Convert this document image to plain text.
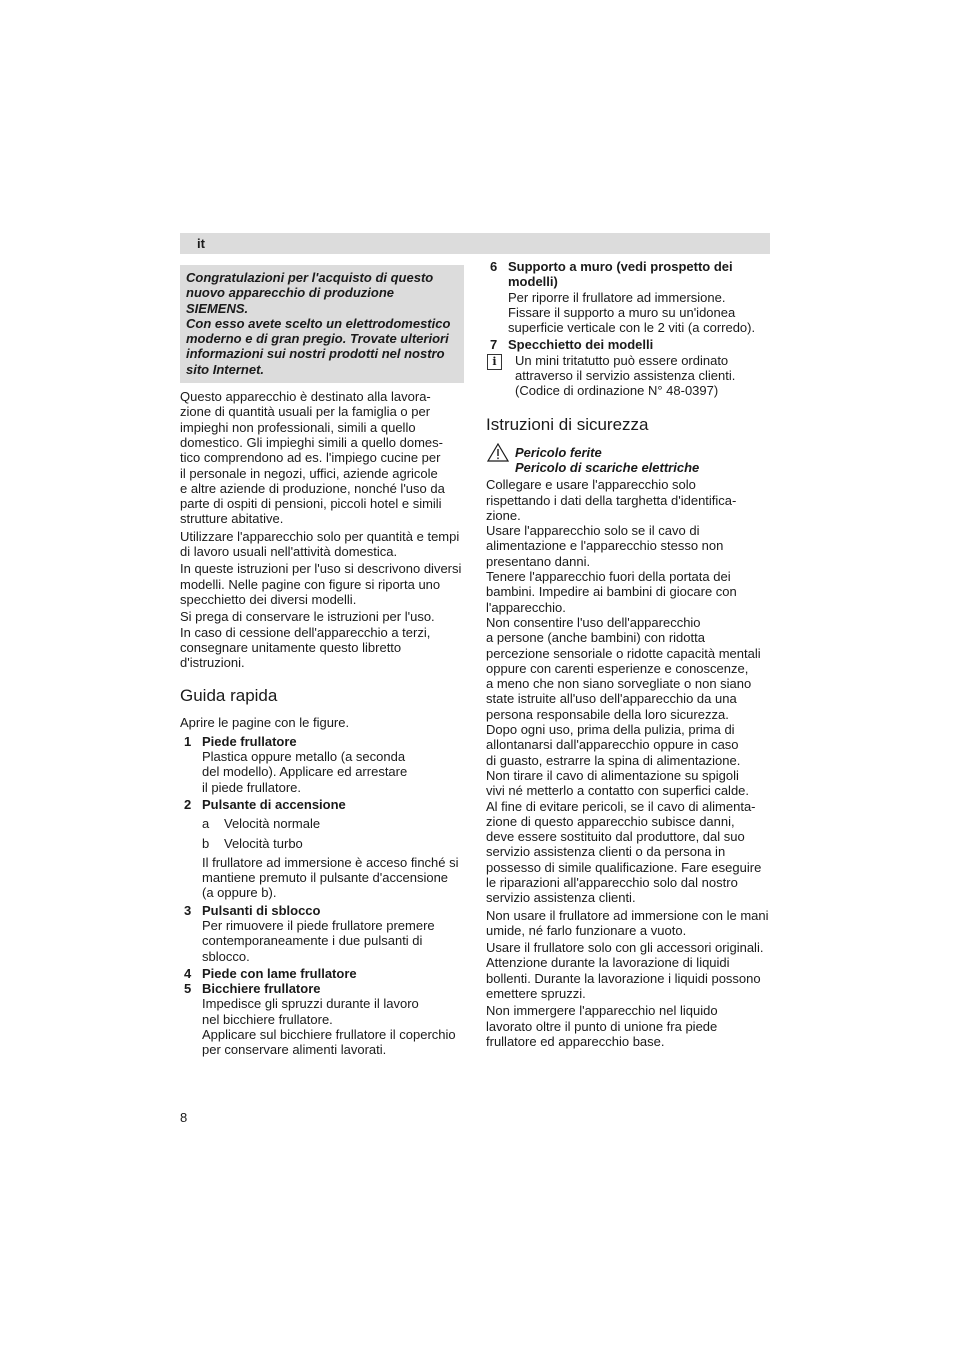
it

Congratulazioni per l'acquisto di questo

nuovo apparecchio di produzione SIEMENS.

Con esso avete scelto un elettrodomestico

moderno e di gran pregio. Trovate ulteriori

informazioni sui nostri prodotti nel nostro

sito Internet.

Questo apparecchio è destinato alla lavora-

zione di quantità usuali per la famiglia o per

impieghi non professionali, simili a quello

domestico. Gli impieghi simili a quello domes-

tico comprendono ad es. l'impiego cucine per

il personale in negozi, uffici, aziende agricole

e altre aziende di produzione, nonché l'uso da

parte di ospiti di pensioni, piccoli hotel e simili

strutture abitative.

Utilizzare l'apparecchio solo per quantità e tempi

di lavoro usuali nell'attività domestica.

In queste istruzioni per l'uso si descrivono diversi

modelli. Nelle pagine con figure si riporta uno

specchietto dei diversi modelli.

Si prega di conservare le istruzioni per l'uso.

In caso di cessione dell'apparecchio a terzi,

consegnare unitamente questo libretto

d'istruzioni.

Guida rapida

Aprire le pagine con le figure.

1 Piede frullatore

Plastica oppure metallo (a seconda

del modello). Applicare ed arrestare

il piede frullatore.

2 Pulsante di accensione

a	Velocità normale
b	Velocità turbo

Il frullatore ad immersione è acceso finché si

mantiene premuto il pulsante d'accensione

(a oppure b).

3 Pulsanti di sblocco

Per rimuovere il piede frullatore premere

contemporaneamente i due pulsanti di

sblocco.

4 Piede con lame frullatore

5 Bicchiere frullatore

Impedisce gli spruzzi durante il lavoro

nel bicchiere frullatore.

Applicare sul bicchiere frullatore il coperchio

per conservare alimenti lavorati.

6 Supporto a muro (vedi prospetto dei

modelli)

Per riporre il frullatore ad immersione.

Fissare il supporto a muro su un'idonea

superficie verticale con le 2 viti (a corredo).

7 Specchietto dei modelli

i	Un mini tritatutto può essere ordinato

attraverso il servizio assistenza clienti.

(Codice di ordinazione N° 48-0397)

Istruzioni di sicurezza

Pericolo ferite

Pericolo di scariche elettriche

Collegare e usare l'apparecchio solo

rispettando i dati della targhetta d'identifica-

zione.

Usare l'apparecchio solo se il cavo di

alimentazione e l'apparecchio stesso non

presentano danni.

Tenere l'apparecchio fuori della portata dei

bambini. Impedire ai bambini di giocare con

l'apparecchio.

Non consentire l'uso dell'apparecchio

a persone (anche bambini) con ridotta

percezione sensoriale o ridotte capacità mentali

oppure con carenti esperienze e conoscenze,

a meno che non siano sorvegliate o non siano

state istruite all'uso dell'apparecchio da una

persona responsabile della loro sicurezza.

Dopo ogni uso, prima della pulizia, prima di

allontanarsi dall'apparecchio oppure in caso

di guasto, estrarre la spina di alimentazione.

Non tirare il cavo di alimentazione su spigoli

vivi né metterlo a contatto con superfici calde.

Al fine di evitare pericoli, se il cavo di alimenta-

zione di questo apparecchio subisce danni,

deve essere sostituito dal produttore, dal suo

servizio assistenza clienti o da persona in

possesso di simile qualificazione. Fare eseguire

le riparazioni all'apparecchio solo dal nostro

servizio assistenza clienti.

Non usare il frullatore ad immersione con le mani

umide, né farlo funzionare a vuoto.

Usare il frullatore solo con gli accessori originali.

Attenzione durante la lavorazione di liquidi

bollenti. Durante la lavorazione i liquidi possono

emettere spruzzi.

Non immergere l'apparecchio nel liquido

lavorato oltre il punto di unione fra piede

frullatore ed apparecchio base.

8
